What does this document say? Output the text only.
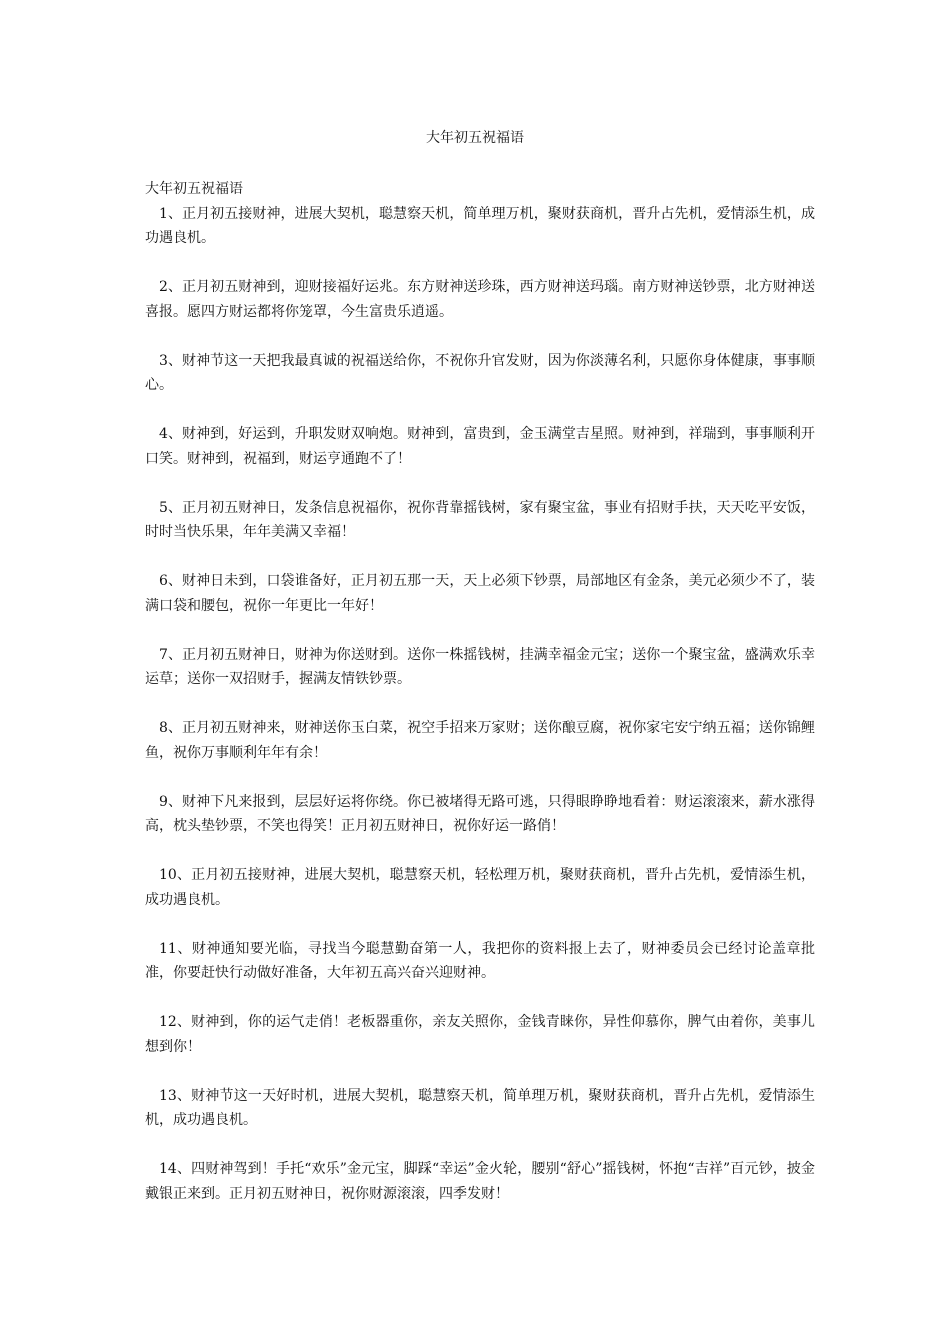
大年初五祝福语

大年初五祝福语

1、正月初五接财神，进展大契机，聪慧察天机，简单理万机，聚财获商机，晋升占先机，爱情添生机，成功遇良机。

2、正月初五财神到，迎财接福好运兆。东方财神送珍珠，西方财神送玛瑙。南方财神送钞票，北方财神送喜报。愿四方财运都将你笼罩，今生富贵乐逍遥。

3、财神节这一天把我最真诚的祝福送给你，不祝你升官发财，因为你淡薄名利，只愿你身体健康，事事顺心。

4、财神到，好运到，升职发财双响炮。财神到，富贵到，金玉满堂吉星照。财神到，祥瑞到，事事顺利开口笑。财神到，祝福到，财运亨通跑不了！

5、正月初五财神日，发条信息祝福你，祝你背靠摇钱树，家有聚宝盆，事业有招财手扶，天天吃平安饭，时时当快乐果，年年美满又幸福！

6、财神日未到，口袋谁备好，正月初五那一天，天上必须下钞票，局部地区有金条，美元必须少不了，装满口袋和腰包，祝你一年更比一年好！

7、正月初五财神日，财神为你送财到。送你一株摇钱树，挂满幸福金元宝；送你一个聚宝盆，盛满欢乐幸运草；送你一双招财手，握满友情铁钞票。

8、正月初五财神来，财神送你玉白菜，祝空手招来万家财；送你酿豆腐，祝你家宅安宁纳五福；送你锦鲤鱼，祝你万事顺利年年有余！

9、财神下凡来报到，层层好运将你绕。你已被堵得无路可逃，只得眼睁睁地看着：财运滚滚来，薪水涨得高，枕头垫钞票，不笑也得笑！正月初五财神日，祝你好运一路俏！

10、正月初五接财神，进展大契机，聪慧察天机，轻松理万机，聚财获商机，晋升占先机，爱情添生机，成功遇良机。

11、财神通知要光临，寻找当今聪慧勤奋第一人，我把你的资料报上去了，财神委员会已经讨论盖章批准，你要赶快行动做好准备，大年初五高兴奋兴迎财神。

12、财神到，你的运气走俏！老板器重你，亲友关照你，金钱青睐你，异性仰慕你，脾气由着你，美事儿想到你！

13、财神节这一天好时机，进展大契机，聪慧察天机，简单理万机，聚财获商机，晋升占先机，爱情添生机，成功遇良机。

14、四财神驾到！手托“欢乐”金元宝，脚踩“幸运”金火轮，腰别“舒心”摇钱树，怀抱“吉祥”百元钞，披金戴银正来到。正月初五财神日，祝你财源滚滚，四季发财！
